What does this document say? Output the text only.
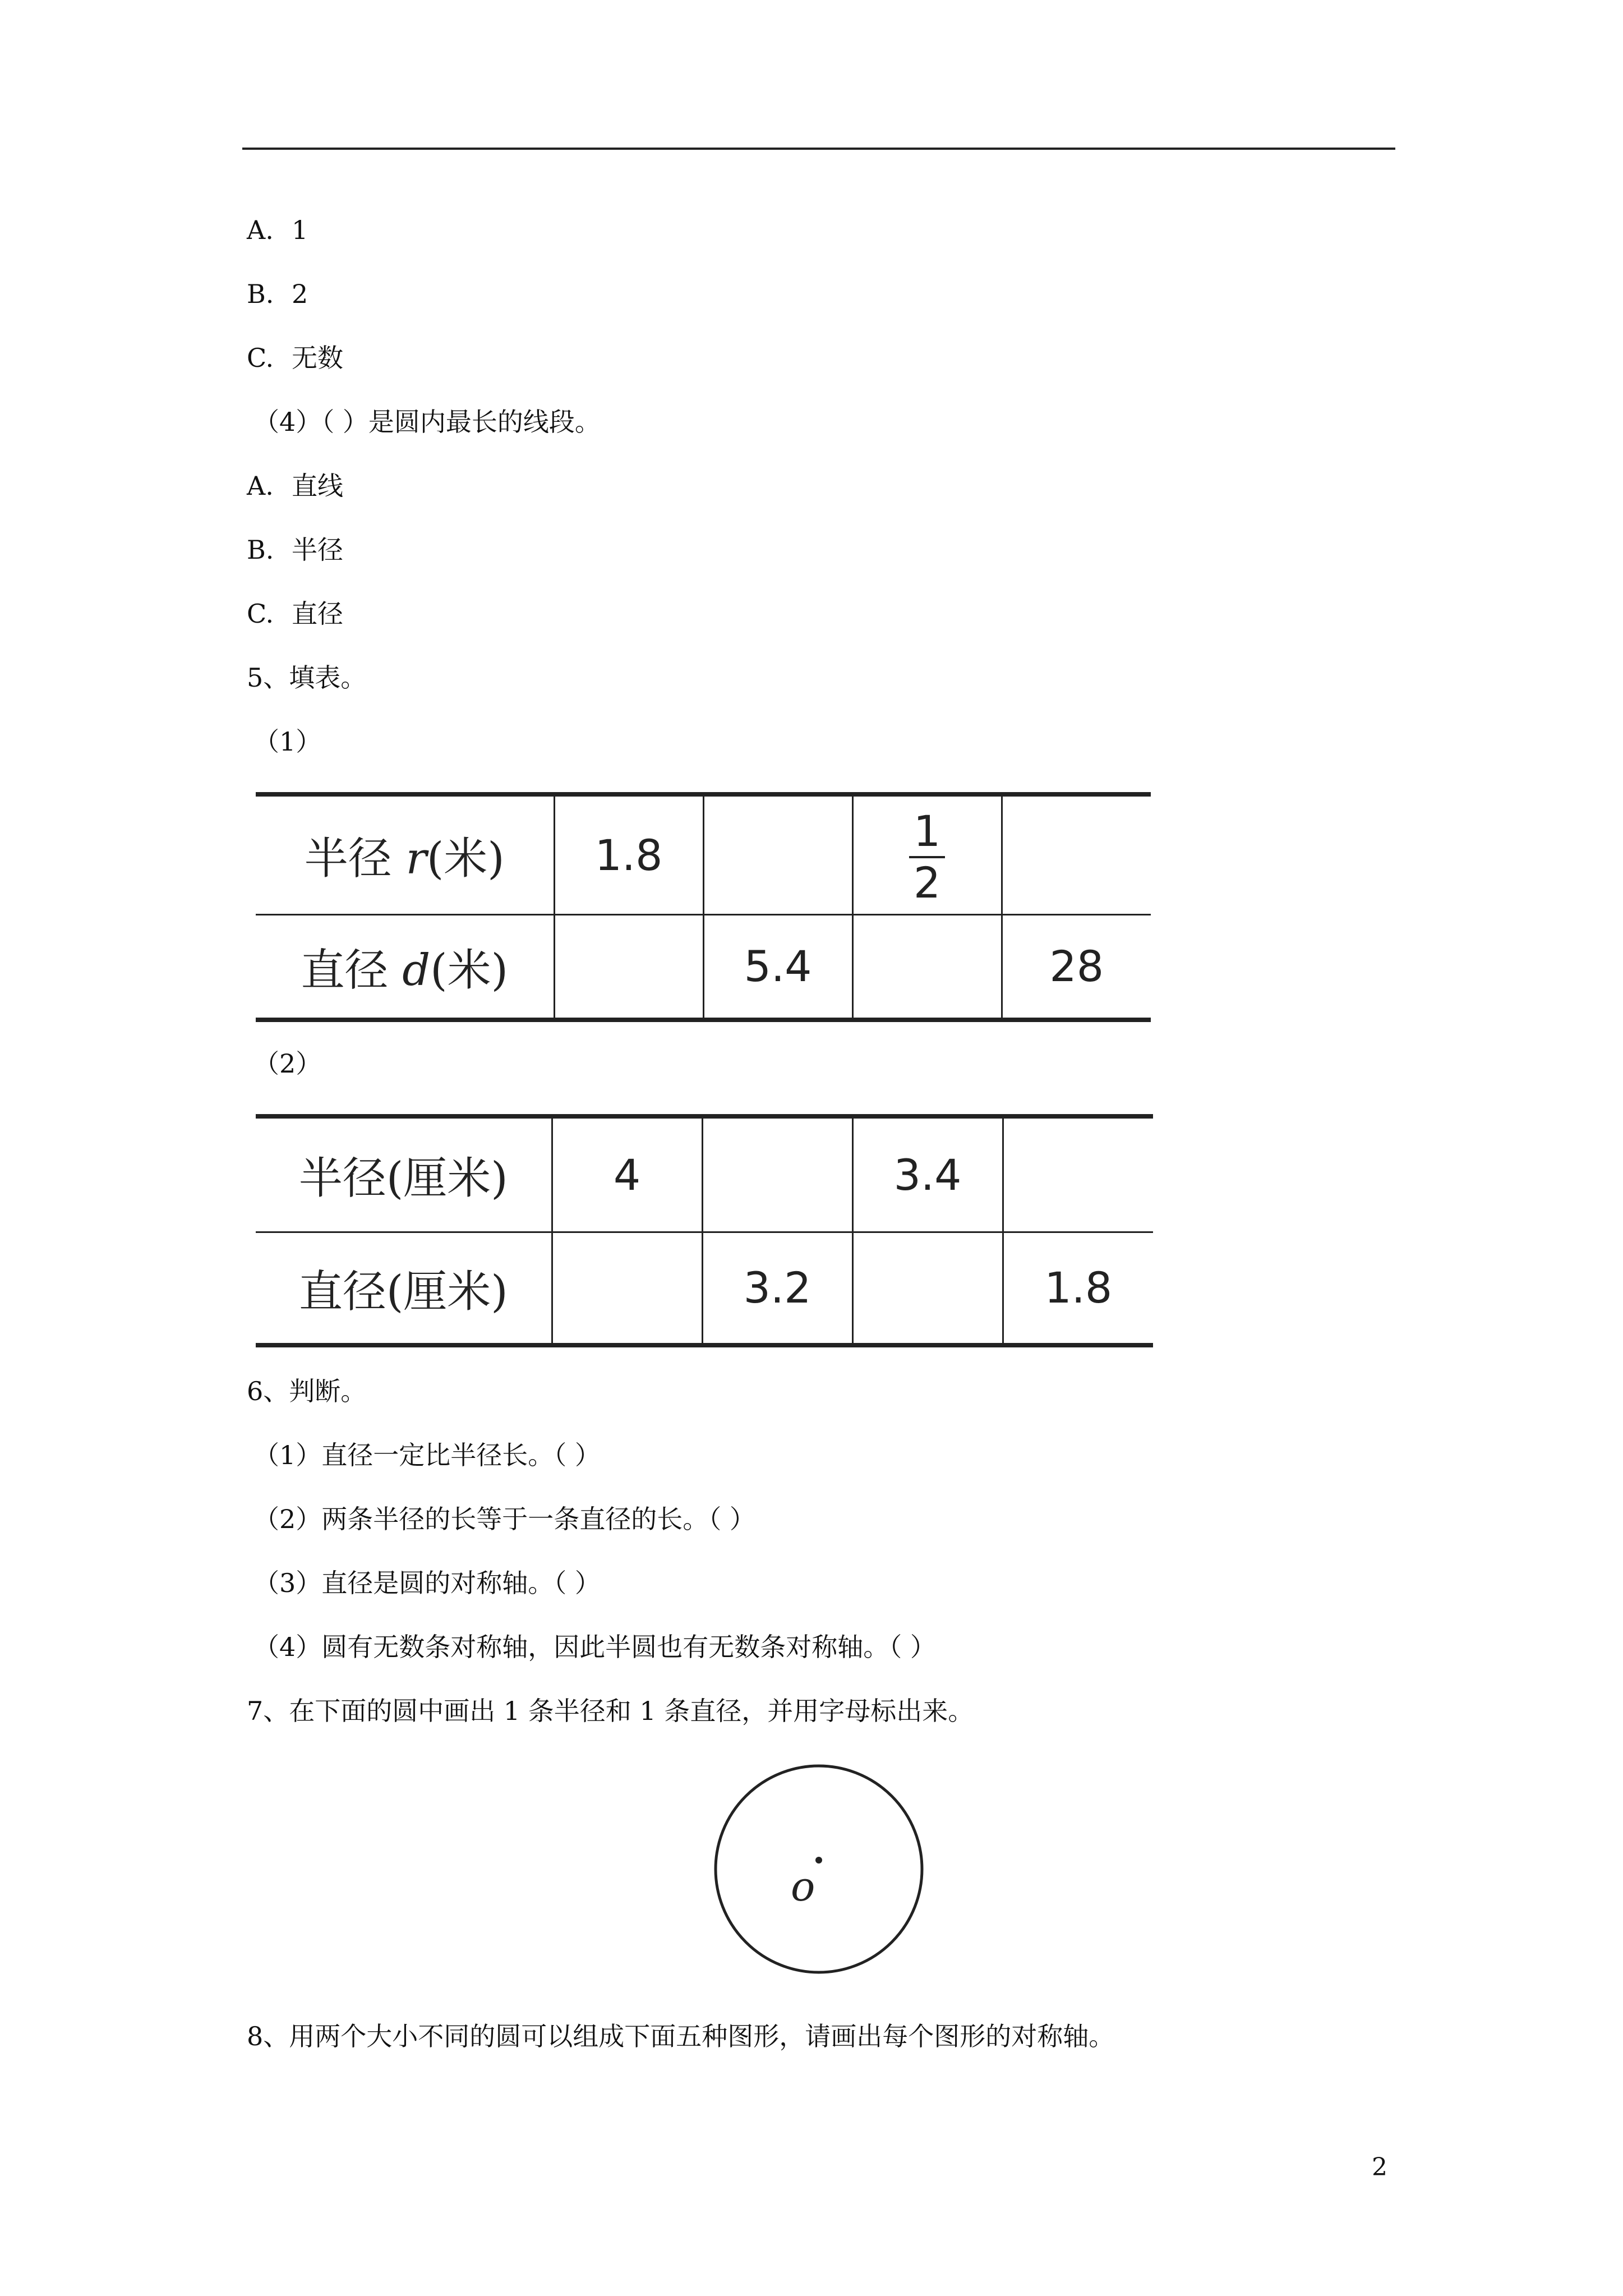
A. 1
B. 2
C. 无数
（4）（ ）是圆内最长的线段。
A. 直线
B. 半径
C. 直径
5、填表。
（1）
半径 r(米)	1.8		$\frac{1}{2}$

直径 d(米)		5.4		28
（2）
半径(厘米)	4		3.4	
直径(厘米)		3.2		1.8
6、判断。
（1）直径一定比半径长。（ ）
（2）两条半径的长等于一条直径的长。（ ）
（3）直径是圆的对称轴。（ ）
（4）圆有无数条对称轴，因此半圆也有无数条对称轴。（ ）
7、在下面的圆中画出 1 条半径和 1 条直径，并用字母标出来。
o
8、用两个大小不同的圆可以组成下面五种图形，请画出每个图形的对称轴。
2
